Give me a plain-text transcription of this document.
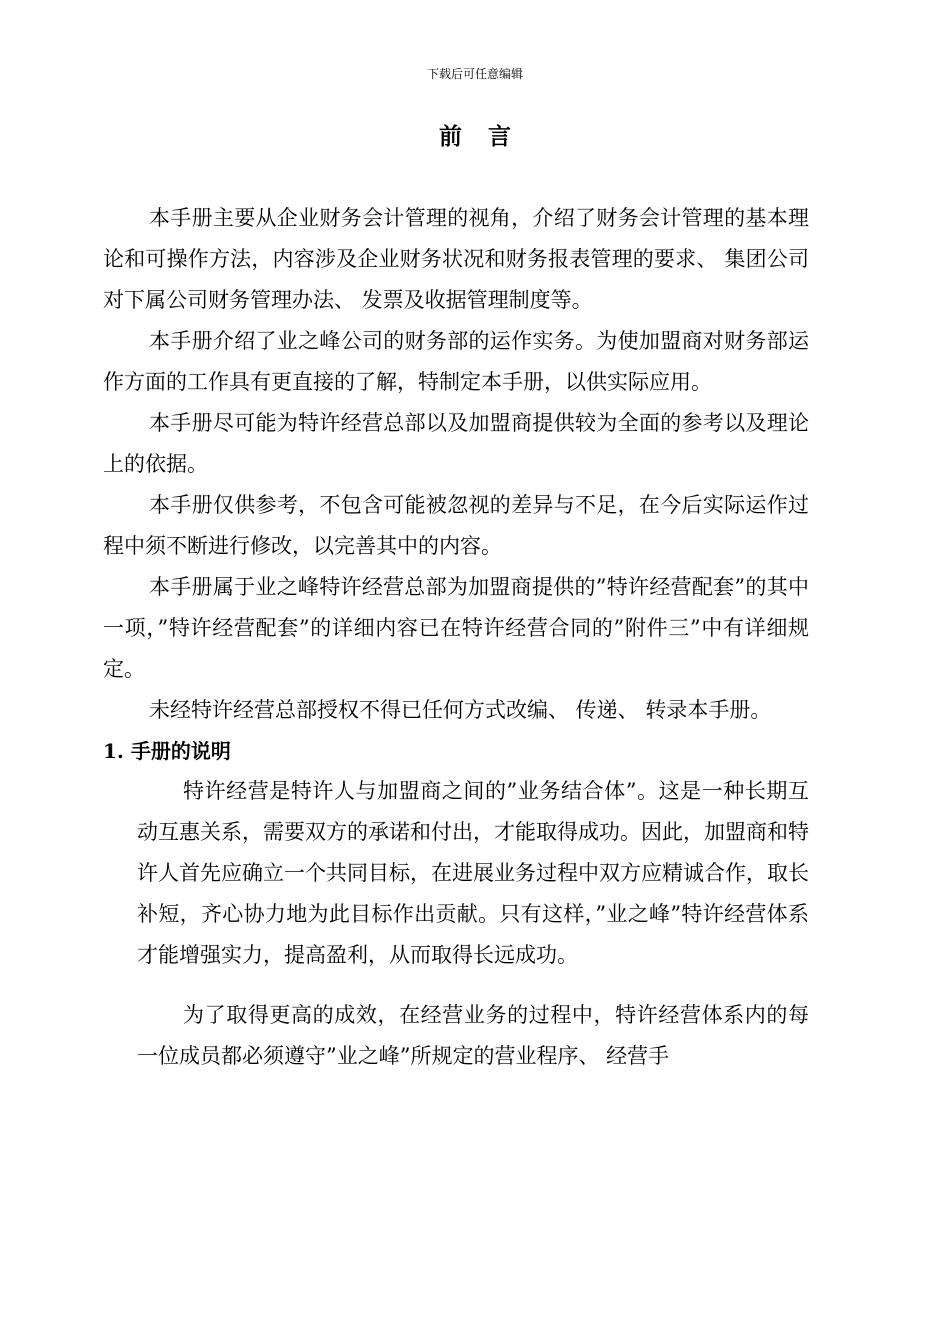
下载后可任意编辑
前言

本手册主要从企业财务会计管理的视角，介绍了财务会计管理的基本理论和可操作方法，内容涉及企业财务状况和财务报表管理的要求、 集团公司对下属公司财务管理办法、 发票及收据管理制度等。

本手册介绍了业之峰公司的财务部的运作实务。为使加盟商对财务部运作方面的工作具有更直接的了解，特制定本手册，以供实际应用。

本手册尽可能为特许经营总部以及加盟商提供较为全面的参考以及理论上的依据。

本手册仅供参考，不包含可能被忽视的差异与不足，在今后实际运作过程中须不断进行修改，以完善其中的内容。

本手册属于业之峰特许经营总部为加盟商提供的”特许经营配套”的其中一项，”特许经营配套”的详细内容已在特许经营合同的”附件三”中有详细规定。

未经特许经营总部授权不得已任何方式改编、 传递、 转录本手册。

1. 手册的说明

特许经营是特许人与加盟商之间的”业务结合体”。这是一种长期互动互惠关系，需要双方的承诺和付出，才能取得成功。因此，加盟商和特许人首先应确立一个共同目标，在进展业务过程中双方应精诚合作，取长补短，齐心协力地为此目标作出贡献。只有这样，”业之峰”特许经营体系才能增强实力，提高盈利，从而取得长远成功。

为了取得更高的成效，在经营业务的过程中，特许经营体系内的每一位成员都必须遵守”业之峰”所规定的营业程序、 经营手
